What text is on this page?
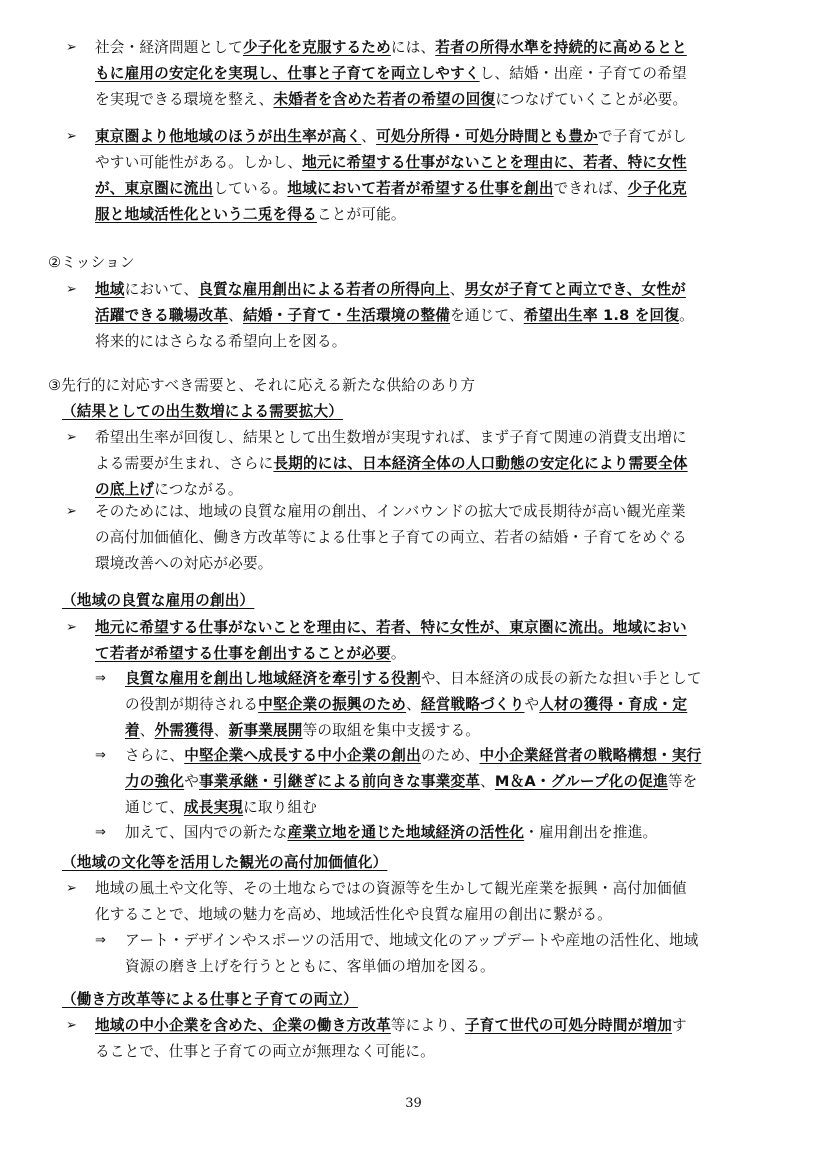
②ミッション
③先行的に対応すべき需要と、それに応える新たな供給のあり方
（結果としての出生数増による需要拡大）
（地域の良質な雇用の創出）
（地域の文化等を活用した観光の高付加価値化）
（働き方改革等による仕事と子育ての両立）
39
社会・経済問題として少子化を克服するためには、若者の所得水準を持続的に高めるとと
もに雇用の安定化を実現し、仕事と子育てを両立しやすくし、結婚・出産・子育ての希望
を実現できる環境を整え、未婚者を含めた若者の希望の回復につなげていくことが必要。
東京圏より他地域のほうが出生率が高く、可処分所得・可処分時間とも豊かで子育てがし
やすい可能性がある。しかし、地元に希望する仕事がないことを理由に、若者、特に女性
が、東京圏に流出している。地域において若者が希望する仕事を創出できれば、少子化克
服と地域活性化という二兎を得ることが可能。
地域において、良質な雇用創出による若者の所得向上、男女が子育てと両立でき、女性が
活躍できる職場改革、結婚・子育て・生活環境の整備を通じて、希望出生率 1.8 を回復。
将来的にはさらなる希望向上を図る。
希望出生率が回復し、結果として出生数増が実現すれば、まず子育て関連の消費支出増に
よる需要が生まれ、さらに長期的には、日本経済全体の人口動態の安定化により需要全体
の底上げにつながる。
そのためには、地域の良質な雇用の創出、インバウンドの拡大で成長期待が高い観光産業
の高付加価値化、働き方改革等による仕事と子育ての両立、若者の結婚・子育てをめぐる
環境改善への対応が必要。
地元に希望する仕事がないことを理由に、若者、特に女性が、東京圏に流出。地域におい
て若者が希望する仕事を創出することが必要。
良質な雇用を創出し地域経済を牽引する役割や、日本経済の成長の新たな担い手として
の役割が期待される中堅企業の振興のため、経営戦略づくりや人材の獲得・育成・定
着、外需獲得、新事業展開等の取組を集中支援する。
さらに、中堅企業へ成長する中小企業の創出のため、中小企業経営者の戦略構想・実行
力の強化や事業承継・引継ぎによる前向きな事業変革、M＆A・グループ化の促進等を
通じて、成長実現に取り組む
加えて、国内での新たな産業立地を通じた地域経済の活性化・雇用創出を推進。
地域の風土や文化等、その土地ならではの資源等を生かして観光産業を振興・高付加価値
化することで、地域の魅力を高め、地域活性化や良質な雇用の創出に繋がる。
アート・デザインやスポーツの活用で、地域文化のアップデートや産地の活性化、地域
資源の磨き上げを行うとともに、客単価の増加を図る。
地域の中小企業を含めた、企業の働き方改革等により、子育て世代の可処分時間が増加す
ることで、仕事と子育ての両立が無理なく可能に。
➢
➢
➢
➢
➢
➢
➢
➢
⇒
⇒
⇒
⇒
